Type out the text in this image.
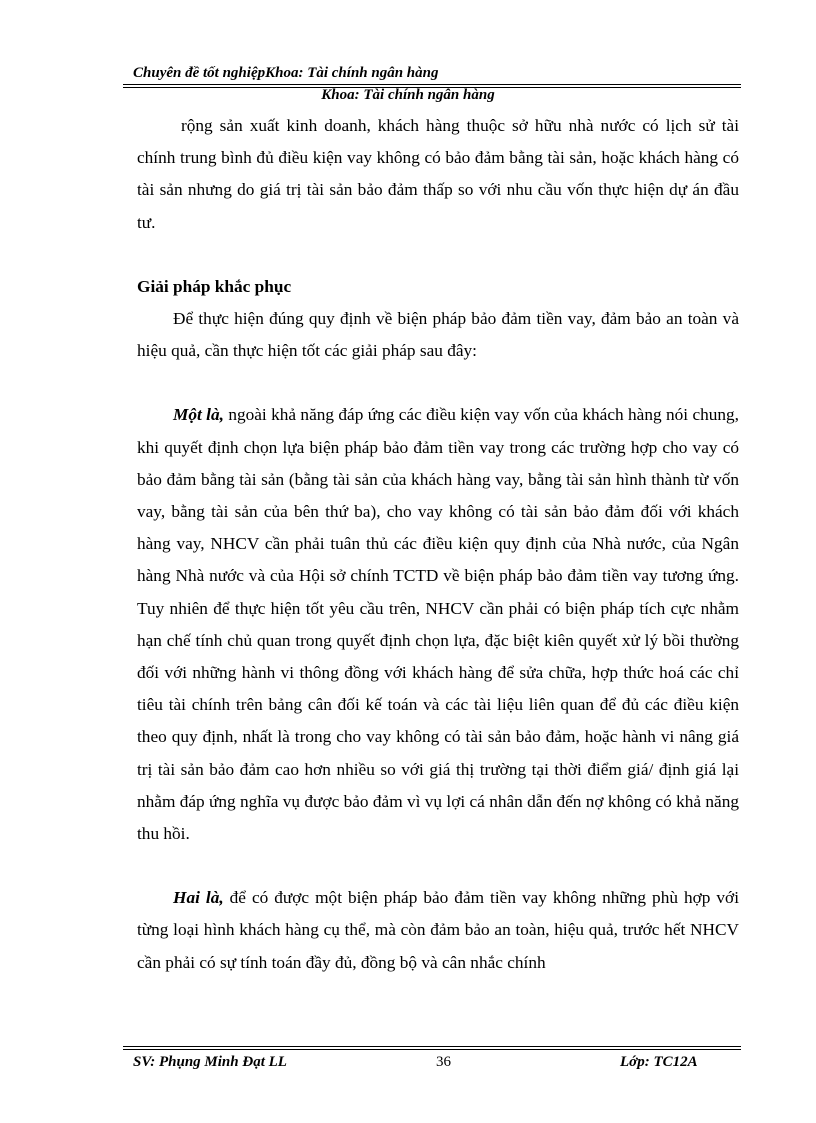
Chuyên đề tốt nghiệpKhoa: Tài chính ngân hàng
Khoa: Tài chính ngân hàng

rộng sản xuất kinh doanh, khách hàng thuộc sở hữu nhà nước có lịch sử tài chính trung bình đủ điều kiện vay không có bảo đảm bằng tài sản, hoặc khách hàng có tài sản nhưng do giá trị tài sản bảo đảm thấp so với nhu cầu vốn thực hiện dự án đầu tư.

Giải pháp khắc phục

Để thực hiện đúng quy định về biện pháp bảo đảm tiền vay, đảm bảo an toàn và hiệu quả, cần thực hiện tốt các giải pháp sau đây:

Một là, ngoài khả năng đáp ứng các điều kiện vay vốn của khách hàng nói chung, khi quyết định chọn lựa biện pháp bảo đảm tiền vay trong các trường hợp cho vay có bảo đảm bằng tài sản (bằng tài sản của khách hàng vay, bằng tài sản hình thành từ vốn vay, bằng tài sản của bên thứ ba), cho vay không có tài sản bảo đảm đối với khách hàng vay, NHCV cần phải tuân thủ các điều kiện quy định của Nhà nước, của Ngân hàng Nhà nước và của Hội sở chính TCTD về biện pháp bảo đảm tiền vay tương ứng. Tuy nhiên để thực hiện tốt yêu cầu trên, NHCV cần phải có biện pháp tích cực nhằm hạn chế tính chủ quan trong quyết định chọn lựa, đặc biệt kiên quyết xử lý bồi thường đối với những hành vi thông đồng với khách hàng để sửa chữa, hợp thức hoá các chỉ tiêu tài chính trên bảng cân đối kế toán và các tài liệu liên quan để đủ các điều kiện theo quy định, nhất là trong cho vay không có tài sản bảo đảm, hoặc hành vi nâng giá trị tài sản bảo đảm cao hơn nhiều so với giá thị trường tại thời điểm giá/ định giá lại nhằm đáp ứng nghĩa vụ được bảo đảm vì vụ lợi cá nhân dẫn đến nợ không có khả năng thu hồi.

Hai là, để có được một biện pháp bảo đảm tiền vay không những phù hợp với từng loại hình khách hàng cụ thể, mà còn đảm bảo an toàn, hiệu quả, trước hết NHCV cần phải có sự tính toán đầy đủ, đồng bộ và cân nhắc chính

SV: Phụng Minh Đạt LL	36	Lớp: TC12A
